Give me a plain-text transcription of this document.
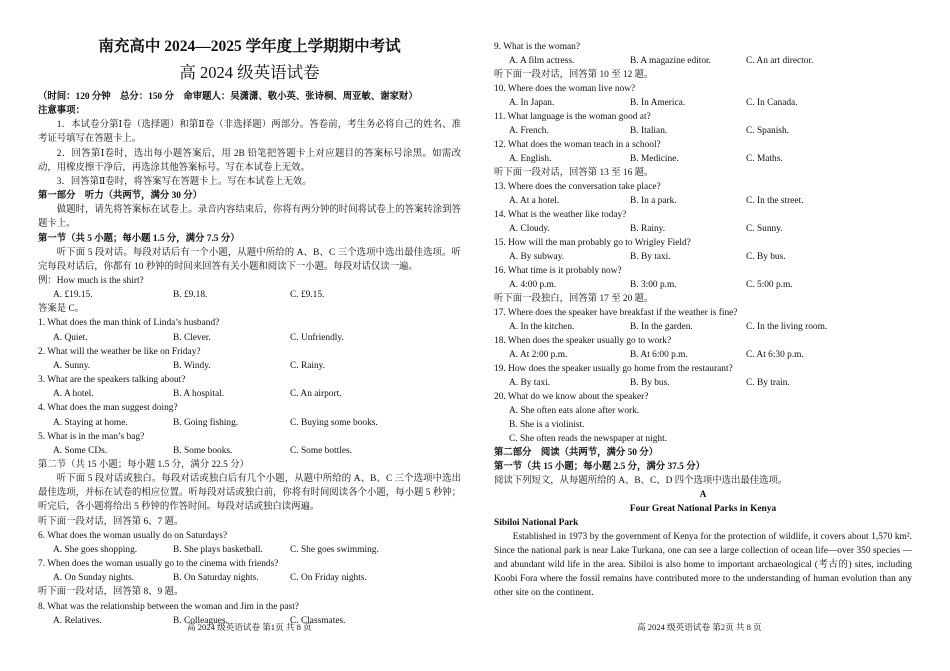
南充高中 2024—2025 学年度上学期期中考试
高 2024 级英语试卷
（时间：120 分钟　总分：150 分　命审题人：吴潇潇、敬小英、张诗桐、周亚敏、谢家财）
注意事项：
1．本试卷分第Ⅰ卷（选择题）和第Ⅱ卷（非选择题）两部分。答卷前，考生务必将自己的姓名、准考证号填写在答题卡上。
2．回答第Ⅰ卷时，选出每小题答案后，用 2B 铅笔把答题卡上对应题目的答案标号涂黑。如需改动，用橡皮擦干净后，再选涂其他答案标号。写在本试卷上无效。
3．回答第Ⅱ卷时，将答案写在答题卡上。写在本试卷上无效。
第一部分　听力（共两节，满分 30 分）
做题时，请先将答案标在试卷上。录音内容结束后，你将有两分钟的时间将试卷上的答案转涂到答题卡上。
第一节（共 5 小题；每小题 1.5 分，满分 7.5 分）
听下面 5 段对话。每段对话后有一个小题，从题中所给的 A、B、C 三个选项中选出最佳选项。听完每段对话后，你都有 10 秒钟的时间来回答有关小题和阅读下一小题。每段对话仅读一遍。
例：How much is the shirt?
A. £19.15.	B. £9.18.	C. £9.15.
答案是 C。
1. What does the man think of Linda’s husband?
A. Quiet.	B. Clever.	C. Unfriendly.
2. What will the weather be like on Friday?
A. Sunny.	B. Windy.	C. Rainy.
3. What are the speakers talking about?
A. A hotel.	B. A hospital.	C. An airport.
4. What does the man suggest doing?
A. Staying at home.	B. Going fishing.	C. Buying some books.
5. What is in the man’s bag?
A. Some CDs.	B. Some books.	C. Some bottles.
第二节（共 15 小题；每小题 1.5 分，满分 22.5 分）
听下面 5 段对话或独白。每段对话或独白后有几个小题，从题中所给的 A、B、C 三个选项中选出最佳选项，并标在试卷的相应位置。听每段对话或独白前，你将有时间阅读各个小题，每小题 5 秒钟；听完后，各小题将给出 5 秒钟的作答时间。每段对话或独白读两遍。
听下面一段对话，回答第 6、7 题。
6. What does the woman usually do on Saturdays?
A. She goes shopping.	B. She plays basketball.	C. She goes swimming.
7. When does the woman usually go to the cinema with friends?
A. On Sunday nights.	B. On Saturday nights.	C. On Friday nights.
听下面一段对话，回答第 8、9 题。
8. What was the relationship between the woman and Jim in the past?
A. Relatives.	B. Colleagues.	C. Classmates.
高 2024 级英语试卷 第1页 共 8 页
9. What is the woman?
A. A film actress.	B. A magazine editor.	C. An art director.
听下面一段对话，回答第 10 至 12 题。
10. Where does the woman live now?
A. In Japan.	B. In America.	C. In Canada.
11. What language is the woman good at?
A. French.	B. Italian.	C. Spanish.
12. What does the woman teach in a school?
A. English.	B. Medicine.	C. Maths.
听下面一段对话，回答第 13 至 16 题。
13. Where does the conversation take place?
A. At a hotel.	B. In a park.	C. In the street.
14. What is the weather like today?
A. Cloudy.	B. Rainy.	C. Sunny.
15. How will the man probably go to Wrigley Field?
A. By subway.	B. By taxi.	C. By bus.
16. What time is it probably now?
A. 4:00 p.m.	B. 3:00 p.m.	C. 5:00 p.m.
听下面一段独白，回答第 17 至 20 题。
17. Where does the speaker have breakfast if the weather is fine?
A. In the kitchen.	B. In the garden.	C. In the living room.
18. When does the speaker usually go to work?
A. At 2:00 p.m.	B. At 6:00 p.m.	C. At 6:30 p.m.
19. How does the speaker usually go home from the restaurant?
A. By taxi.	B. By bus.	C. By train.
20. What do we know about the speaker?
A. She often eats alone after work.
B. She is a violinist.
C. She often reads the newspaper at night.
第二部分　阅读（共两节，满分 50 分）
第一节（共 15 小题；每小题 2.5 分，满分 37.5 分）
阅读下列短文，从每题所给的 A、B、C、D 四个选项中选出最佳选项。
A
Four Great National Parks in Kenya
Sibiloi National Park
Established in 1973 by the government of Kenya for the protection of wildlife, it covers about 1,570 km². Since the national park is near Lake Turkana, one can see a large collection of ocean life—over 350 species —and abundant wild life in the area. Sibiloi is also home to important archaeological (考古的) sites, including Koobi Fora where the fossil remains have contributed more to the understanding of human evolution than any other site on the continent.
高 2024 级英语试卷 第2页 共 8 页
